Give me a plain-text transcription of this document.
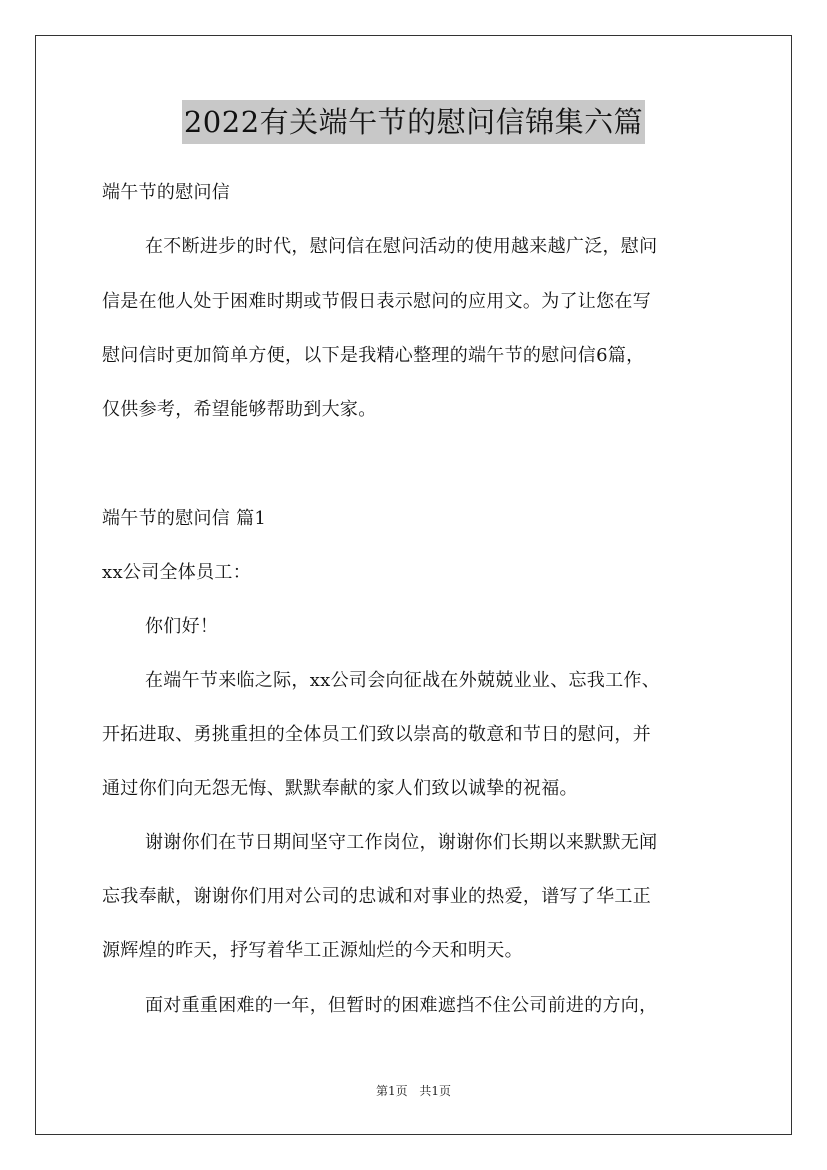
2022有关端午节的慰问信锦集六篇
端午节的慰问信
在不断进步的时代，慰问信在慰问活动的使用越来越广泛，慰问
信是在他人处于困难时期或节假日表示慰问的应用文。为了让您在写
慰问信时更加简单方便，以下是我精心整理的端午节的慰问信6篇，
仅供参考，希望能够帮助到大家。
端午节的慰问信 篇1
xx公司全体员工：
你们好！
在端午节来临之际，xx公司会向征战在外兢兢业业、忘我工作、
开拓进取、勇挑重担的全体员工们致以崇高的敬意和节日的慰问，并
通过你们向无怨无悔、默默奉献的家人们致以诚挚的祝福。
谢谢你们在节日期间坚守工作岗位，谢谢你们长期以来默默无闻
忘我奉献，谢谢你们用对公司的忠诚和对事业的热爱，谱写了华工正
源辉煌的昨天，抒写着华工正源灿烂的今天和明天。
面对重重困难的一年，但暂时的困难遮挡不住公司前进的方向，
第1页 共1页
